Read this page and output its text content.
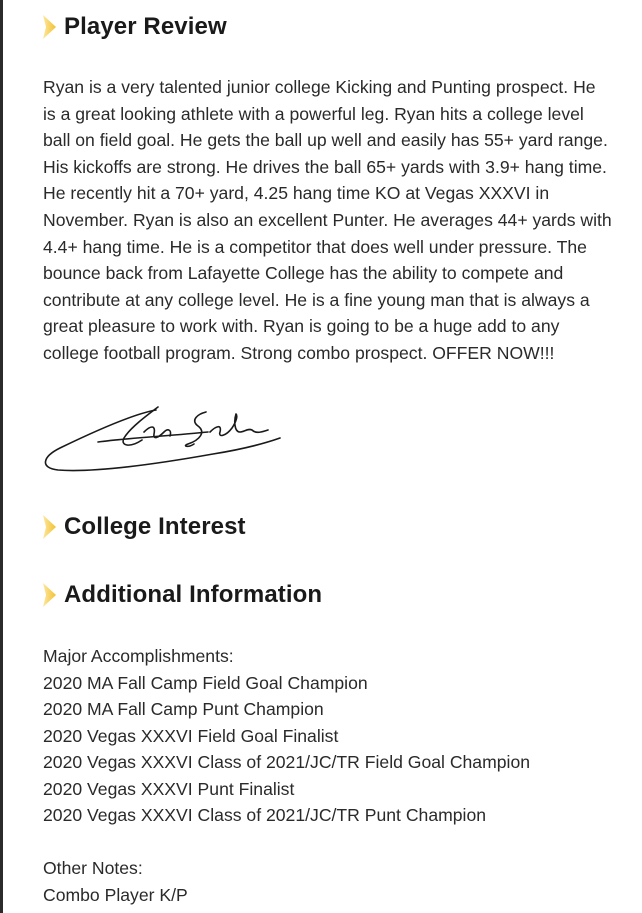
Player Review

Ryan is a very talented junior college Kicking and Punting prospect. He is a great looking athlete with a powerful leg. Ryan hits a college level ball on field goal. He gets the ball up well and easily has 55+ yard range. His kickoffs are strong. He drives the ball 65+ yards with 3.9+ hang time. He recently hit a 70+ yard, 4.25 hang time KO at Vegas XXXVI in November. Ryan is also an excellent Punter. He averages 44+ yards with 4.4+ hang time. He is a competitor that does well under pressure. The bounce back from Lafayette College has the ability to compete and contribute at any college level. He is a fine young man that is always a great pleasure to work with. Ryan is going to be a huge add to any college football program. Strong combo prospect. OFFER NOW!!!

College Interest
Additional Information
Major Accomplishments:
2020 MA Fall Camp Field Goal Champion
2020 MA Fall Camp Punt Champion
2020 Vegas XXXVI Field Goal Finalist
2020 Vegas XXXVI Class of 2021/JC/TR Field Goal Champion
2020 Vegas XXXVI Punt Finalist
2020 Vegas XXXVI Class of 2021/JC/TR Punt Champion
Other Notes:
Combo Player K/P
